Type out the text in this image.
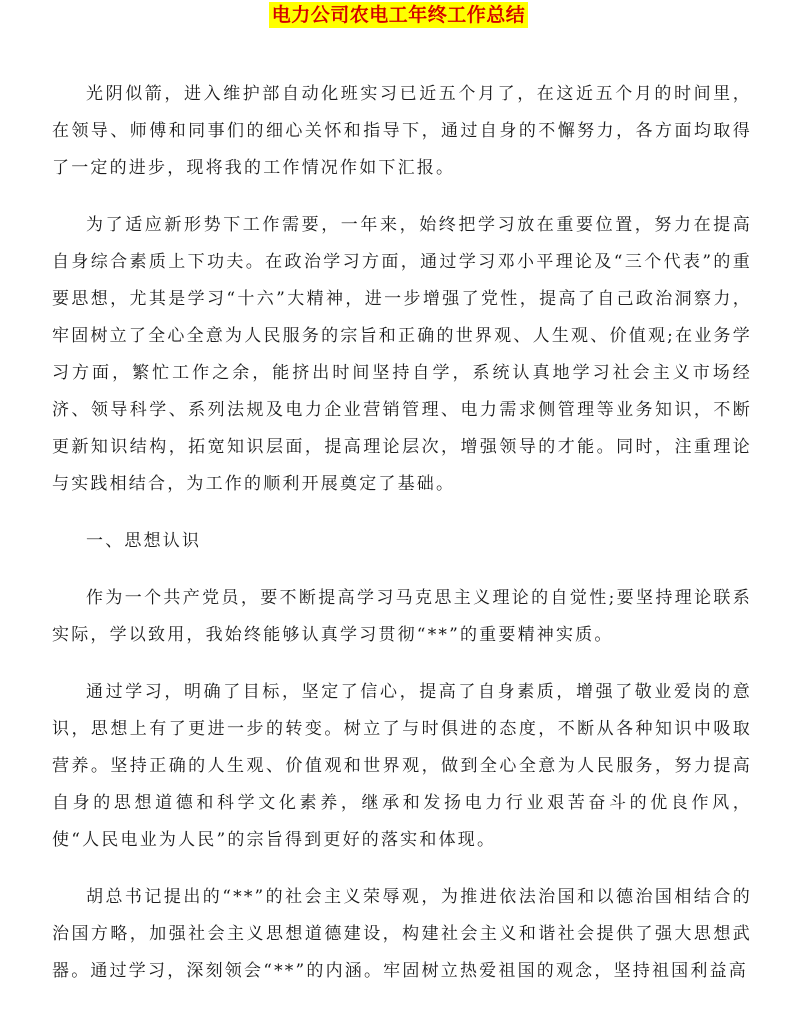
电力公司农电工年终工作总结

光阴似箭，进入维护部自动化班实习已近五个月了，在这近五个月的时间里，在领导、师傅和同事们的细心关怀和指导下，通过自身的不懈努力，各方面均取得了一定的进步，现将我的工作情况作如下汇报。

为了适应新形势下工作需要，一年来，始终把学习放在重要位置，努力在提高自身综合素质上下功夫。在政治学习方面，通过学习邓小平理论及“三个代表”的重要思想，尤其是学习“十六”大精神，进一步增强了党性，提高了自己政治洞察力，牢固树立了全心全意为人民服务的宗旨和正确的世界观、人生观、价值观;在业务学习方面，繁忙工作之余，能挤出时间坚持自学，系统认真地学习社会主义市场经济、领导科学、系列法规及电力企业营销管理、电力需求侧管理等业务知识，不断更新知识结构，拓宽知识层面，提高理论层次，增强领导的才能。同时，注重理论与实践相结合，为工作的顺利开展奠定了基础。

一、思想认识

作为一个共产党员，要不断提高学习马克思主义理论的自觉性;要坚持理论联系实际，学以致用，我始终能够认真学习贯彻“**”的重要精神实质。

通过学习，明确了目标，坚定了信心，提高了自身素质，增强了敬业爱岗的意识，思想上有了更进一步的转变。树立了与时俱进的态度，不断从各种知识中吸取营养。坚持正确的人生观、价值观和世界观，做到全心全意为人民服务，努力提高自身的思想道德和科学文化素养，继承和发扬电力行业艰苦奋斗的优良作风，使“人民电业为人民”的宗旨得到更好的落实和体现。

胡总书记提出的“**”的社会主义荣辱观，为推进依法治国和以德治国相结合的治国方略，加强社会主义思想道德建设，构建社会主义和谐社会提供了强大思想武器。通过学习，深刻领会“**”的内涵。牢固树立热爱祖国的观念，坚持祖国利益高
